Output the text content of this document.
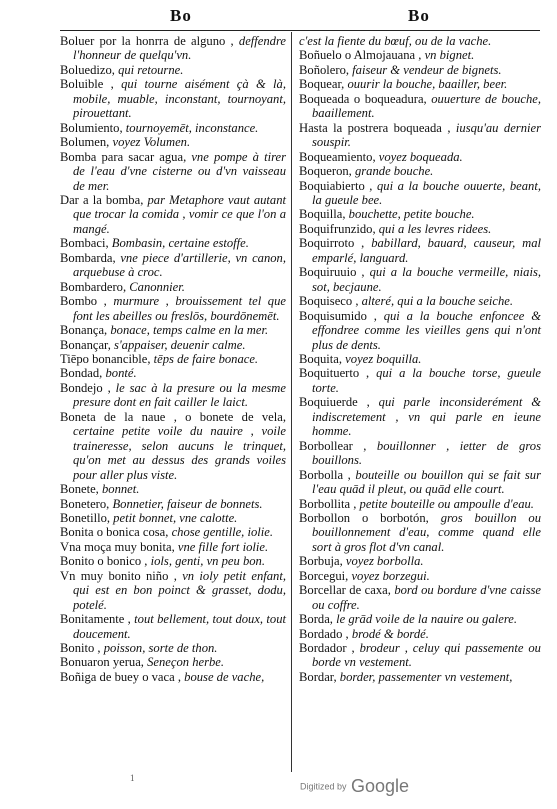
Bo	Bo

Boluer por la honrra de alguno , deffendre l'honneur de quelqu'vn.

Boluedizo, qui retourne.

Boluible , qui tourne aisément çà & là, mobile, muable, inconstant, tournoyant, pirouettant.

Bolumiento, tournoyemēt, inconstance.

Bolumen, voyez Volumen.

Bomba para sacar agua, vne pompe à tirer de l'eau d'vne cisterne ou d'vn vaisseau de mer.

Dar a la bomba, par Metaphore vaut autant que trocar la comida , vomir ce que l'on a mangé.

Bombaci, Bombasin, certaine estoffe.

Bombarda, vne piece d'artillerie, vn canon, arquebuse à croc.

Bombardero, Canonnier.

Bombo , murmure , brouissement tel que font les abeilles ou freslōs, bourdōnemēt.

Bonança, bonace, temps calme en la mer.

Bonançar, s'appaiser, deuenir calme.

Tiēpo bonancible, tēps de faire bonace.

Bondad, bonté.

Bondejo , le sac à la presure ou la mesme presure dont en fait cailler le laict.

Boneta de la naue , o bonete de vela, certaine petite voile du nauire , voile traineresse, selon aucuns le trinquet, qu'on met au dessus des grands voiles pour aller plus viste.

Bonete, bonnet.

Bonetero, Bonnetier, faiseur de bonnets.

Bonetillo, petit bonnet, vne calotte.

Bonita o bonica cosa, chose gentille, iolie.

Vna moça muy bonita, vne fille fort iolie.

Bonito o bonico , iols, genti, vn peu bon.

Vn muy bonito niño , vn ioly petit enfant, qui est en bon poinct & grasset, dodu, potelé.

Bonitamente , tout bellement, tout doux, tout doucement.

Bonito , poisson, sorte de thon.

Bonuaron yerua, Seneçon herbe.

Boñiga de buey o vaca , bouse de vache,

c'est la fiente du bœuf, ou de la vache.

Boñuelo o Almojauana , vn bignet.

Boñolero, faiseur & vendeur de bignets.

Boquear, ouurir la bouche, baailler, beer.

Boqueada o boqueadura, ouuerture de bouche, baaillement.

Hasta la postrera boqueada , iusqu'au dernier souspir.

Boqueamiento, voyez boqueada.

Boqueron, grande bouche.

Boquiabierto , qui a la bouche ouuerte, beant, la gueule bee.

Boquilla, bouchette, petite bouche.

Boquifrunzido, qui a les levres ridees.

Boquirroto , babillard, bauard, causeur, mal emparlé, languard.

Boquiruuio , qui a la bouche vermeille, niais, sot, becjaune.

Boquiseco , alteré, qui a la bouche seiche.

Boquisumido , qui a la bouche enfoncee & effondree comme les vieilles gens qui n'ont plus de dents.

Boquita, voyez boquilla.

Boquituerto , qui a la bouche torse, gueule torte.

Boquiuerde , qui parle inconsiderément & indiscretement , vn qui parle en ieune homme.

Borbollear , bouillonner , ietter de gros bouillons.

Borbolla , bouteille ou bouillon qui se fait sur l'eau quād il pleut, ou quād elle court.

Borbollita , petite bouteille ou ampoulle d'eau.

Borbollon o borbotón, gros bouillon ou bouillonnement d'eau, comme quand elle sort à gros flot d'vn canal.

Borbuja, voyez borbolla.

Borcegui, voyez borzegui.

Borcellar de caxa, bord ou bordure d'vne caisse ou coffre.

Borda, le grād voile de la nauire ou galere.

Bordado , brodé & bordé.

Bordador , brodeur , celuy qui passemente ou borde vn vestement.

Bordar, border, passementer vn vestement,

1
Digitized by Google
